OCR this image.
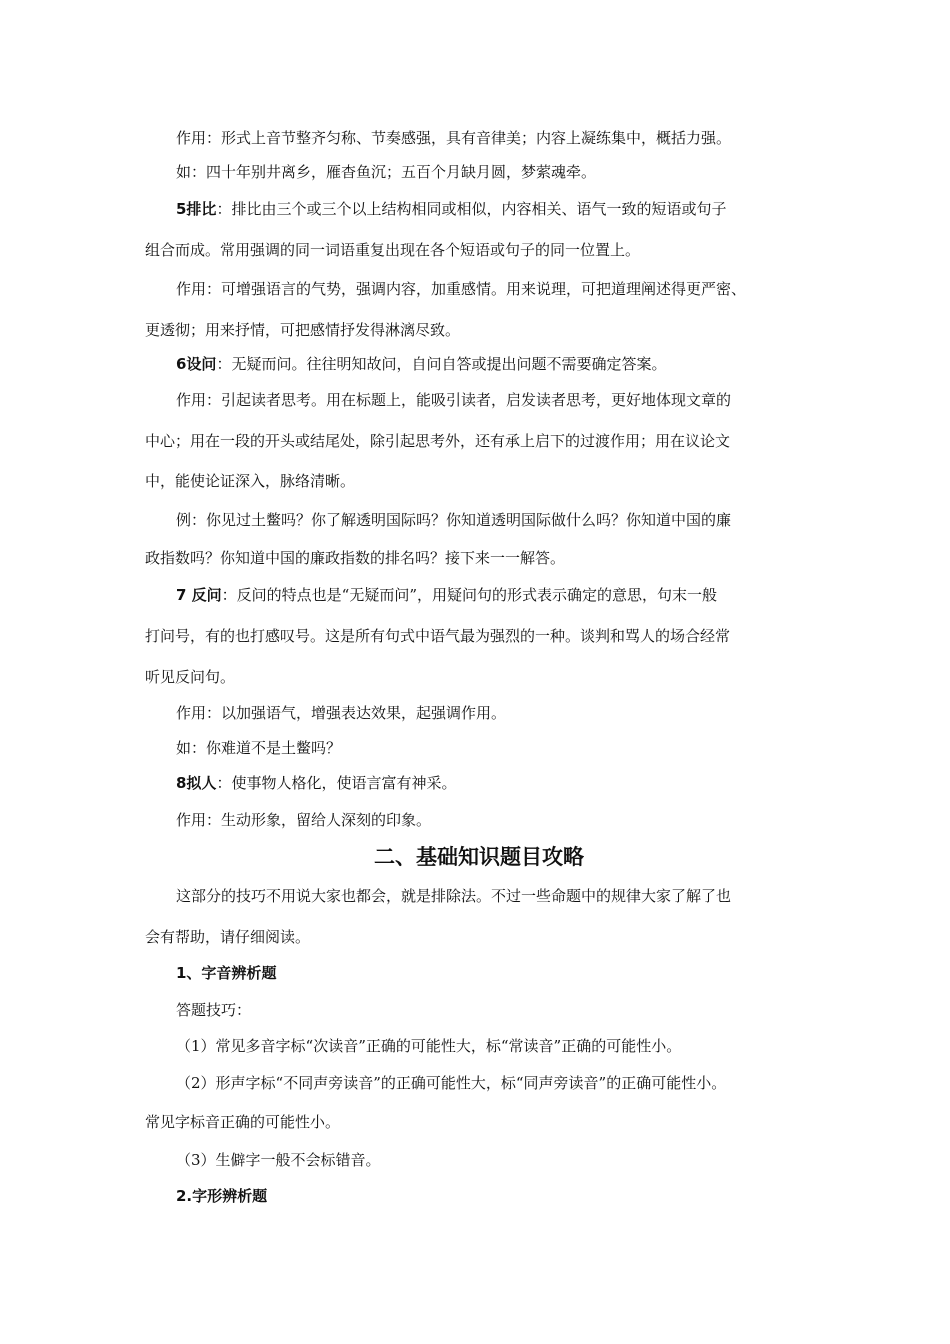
作用：形式上音节整齐匀称、节奏感强，具有音律美；内容上凝练集中，概括力强。

如：四十年别井离乡，雁杳鱼沉；五百个月缺月圆，梦萦魂牵。

5排比：排比由三个或三个以上结构相同或相似，内容相关、语气一致的短语或句子

组合而成。常用强调的同一词语重复出现在各个短语或句子的同一位置上。

作用：可增强语言的气势，强调内容，加重感情。用来说理，可把道理阐述得更严密、

更透彻；用来抒情，可把感情抒发得淋漓尽致。

6设问：无疑而问。往往明知故问，自问自答或提出问题不需要确定答案。

作用：引起读者思考。用在标题上，能吸引读者，启发读者思考，更好地体现文章的

中心；用在一段的开头或结尾处，除引起思考外，还有承上启下的过渡作用；用在议论文

中，能使论证深入，脉络清晰。

例：你见过土鳖吗？你了解透明国际吗？你知道透明国际做什么吗？你知道中国的廉

政指数吗？你知道中国的廉政指数的排名吗？接下来一一解答。

7 反问：反问的特点也是“无疑而问”，用疑问句的形式表示确定的意思，句末一般

打问号，有的也打感叹号。这是所有句式中语气最为强烈的一种。谈判和骂人的场合经常

听见反问句。

作用：以加强语气，增强表达效果，起强调作用。

如：你难道不是土鳖吗？

8拟人：使事物人格化，使语言富有神采。

作用：生动形象，留给人深刻的印象。

二、基础知识题目攻略

这部分的技巧不用说大家也都会，就是排除法。不过一些命题中的规律大家了解了也

会有帮助，请仔细阅读。

1、字音辨析题

答题技巧：

（1）常见多音字标“次读音”正确的可能性大，标“常读音”正确的可能性小。

（2）形声字标“不同声旁读音”的正确可能性大，标“同声旁读音”的正确可能性小。

常见字标音正确的可能性小。

（3）生僻字一般不会标错音。

2.字形辨析题
